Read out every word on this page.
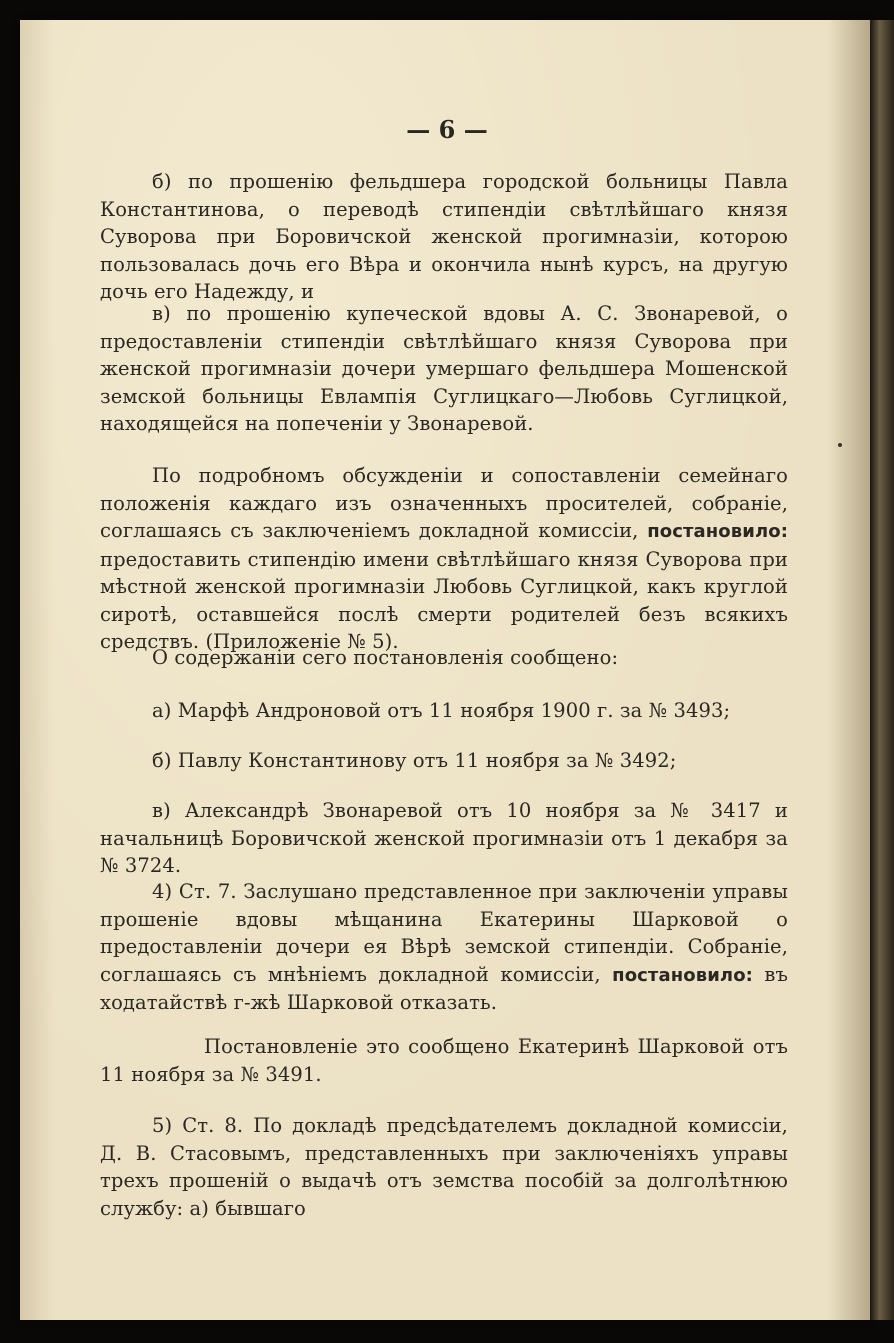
— 6 —
б) по прошенію фельдшера городской больницы Павла Константинова, о переводѣ стипендіи свѣтлѣйшаго князя Суворова при Боровичской женской прогимназіи, которою пользовалась дочь его Вѣра и окончила нынѣ курсъ, на другую дочь его Надежду, и
в) по прошенію купеческой вдовы А. С. Звонаревой, о предоставленіи стипендіи свѣтлѣйшаго князя Суворова при женской прогимназіи дочери умершаго фельдшера Мошенской земской больницы Евлампія Суглицкаго—Любовь Суглицкой, находящейся на попеченіи у Звонаревой.
По подробномъ обсужденіи и сопоставленіи семейнаго положенія каждаго изъ означенныхъ просителей, собраніе, соглашаясь съ заключеніемъ докладной комиссіи, постановило: предоставить стипендію имени свѣтлѣйшаго князя Суворова при мѣстной женской прогимназіи Любовь Суглицкой, какъ круглой сиротѣ, оставшейся послѣ смерти родителей безъ всякихъ средствъ. (Приложеніе № 5).
О содержаніи сего постановленія сообщено:
а) Марфѣ Андроновой отъ 11 ноября 1900 г. за № 3493;
б) Павлу Константинову отъ 11 ноября за № 3492;
в) Александрѣ Звонаревой отъ 10 ноября за № 3417 и начальницѣ Боровичской женской прогимназіи отъ 1 декабря за № 3724.
4) Ст. 7. Заслушано представленное при заключеніи управы прошеніе вдовы мѣщанина Екатерины Шарковой о предоставленіи дочери ея Вѣрѣ земской стипендіи. Собраніе, соглашаясь съ мнѣніемъ докладной комиссіи, постановило: въ ходатайствѣ г-жѣ Шарковой отказать.
Постановленіе это сообщено Екатеринѣ Шарковой отъ 11 ноября за № 3491.
5) Ст. 8. По докладѣ предсѣдателемъ докладной комиссіи, Д. В. Стасовымъ, представленныхъ при заключеніяхъ управы трехъ прошеній о выдачѣ отъ земства пособій за долголѣтнюю службу: а) бывшаго
